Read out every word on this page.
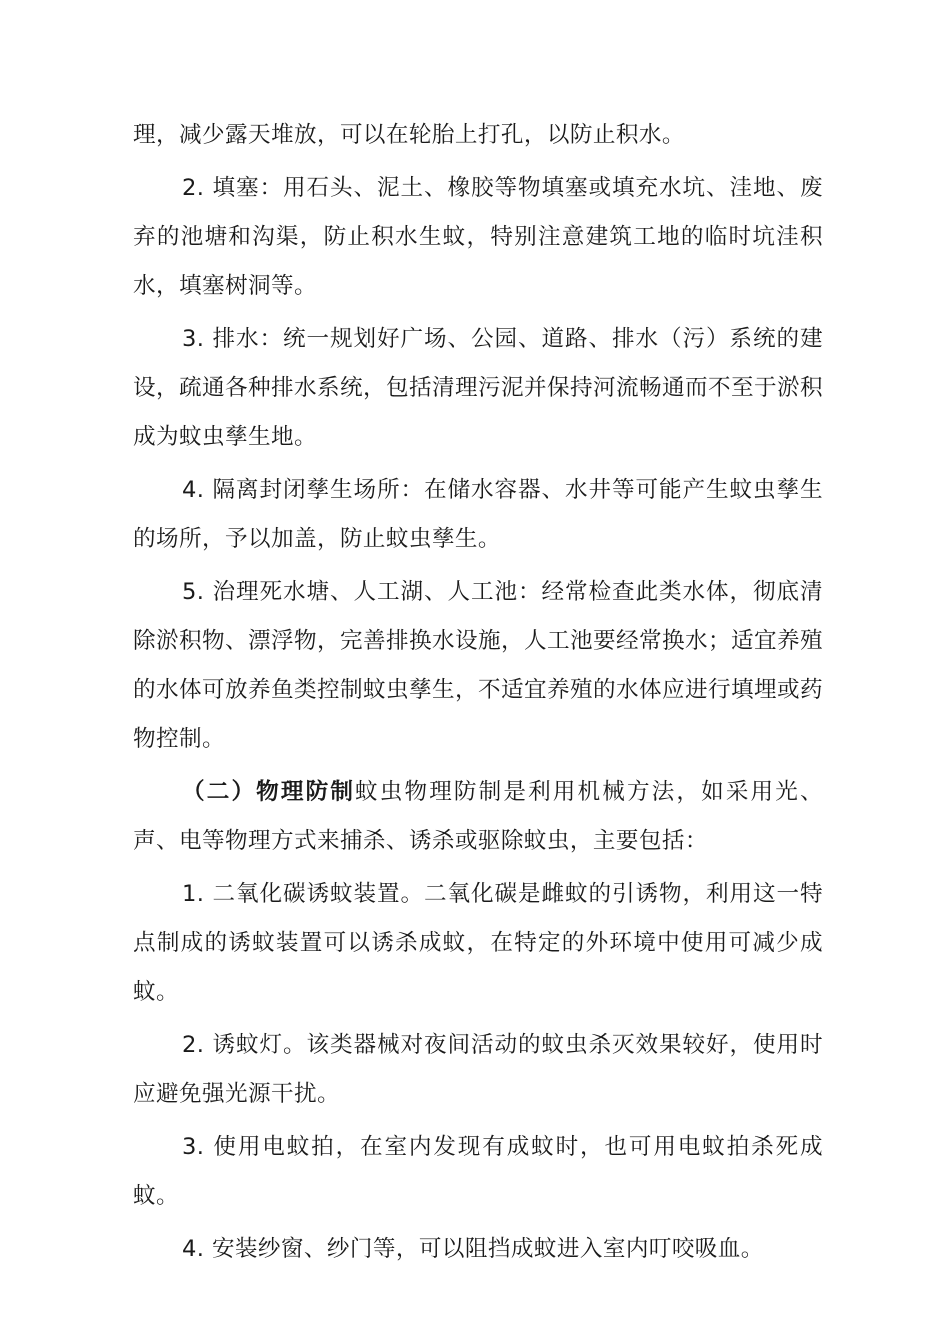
理，减少露天堆放，可以在轮胎上打孔，以防止积水。

2. 填塞：用石头、泥土、橡胶等物填塞或填充水坑、洼地、废弃的池塘和沟渠，防止积水生蚊，特别注意建筑工地的临时坑洼积水，填塞树洞等。

3. 排水：统一规划好广场、公园、道路、排水（污）系统的建设，疏通各种排水系统，包括清理污泥并保持河流畅通而不至于淤积成为蚊虫孳生地。

4. 隔离封闭孳生场所：在储水容器、水井等可能产生蚊虫孳生的场所，予以加盖，防止蚊虫孳生。

5. 治理死水塘、人工湖、人工池：经常检查此类水体，彻底清除淤积物、漂浮物，完善排换水设施，人工池要经常换水；适宜养殖的水体可放养鱼类控制蚊虫孳生，不适宜养殖的水体应进行填埋或药物控制。

（二）物理防制蚊虫物理防制是利用机械方法，如采用光、声、电等物理方式来捕杀、诱杀或驱除蚊虫，主要包括：

1. 二氧化碳诱蚊装置。二氧化碳是雌蚊的引诱物，利用这一特点制成的诱蚊装置可以诱杀成蚊，在特定的外环境中使用可减少成蚊。

2. 诱蚊灯。该类器械对夜间活动的蚊虫杀灭效果较好，使用时应避免强光源干扰。

3. 使用电蚊拍，在室内发现有成蚊时，也可用电蚊拍杀死成蚊。

4. 安装纱窗、纱门等，可以阻挡成蚊进入室内叮咬吸血。
